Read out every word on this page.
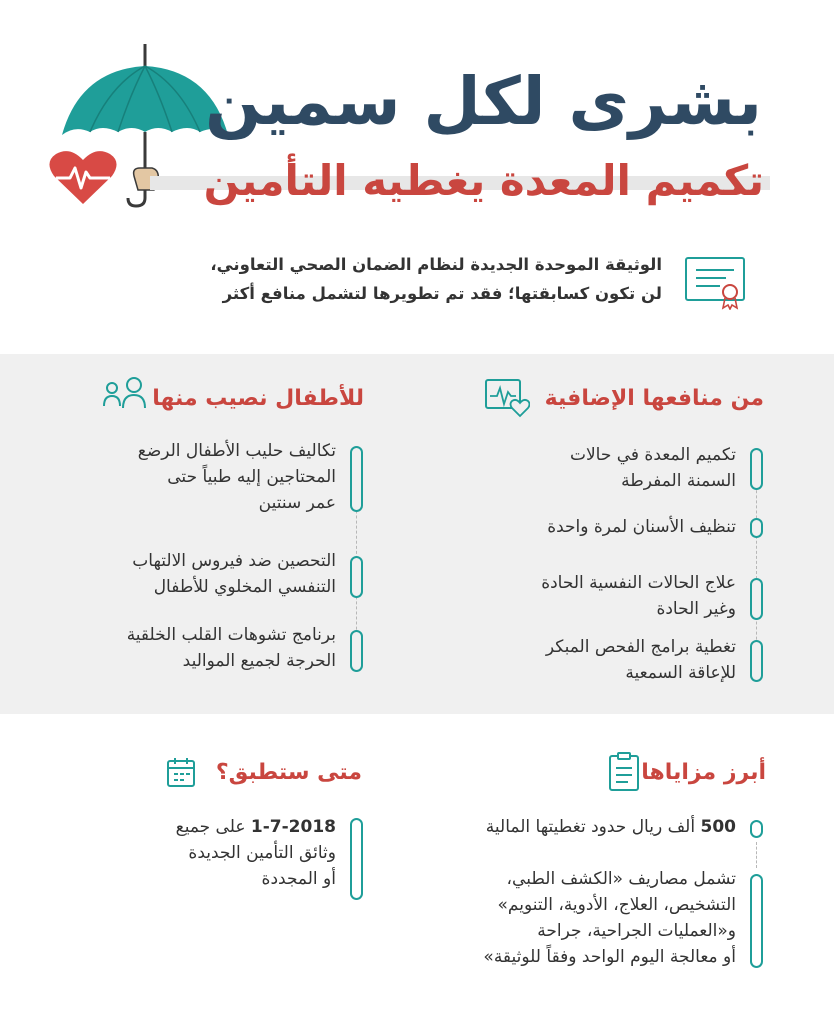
بشرى لكل سمين
تكميم المعدة يغطيه التأمين
الوثيقة الموحدة الجديدة لنظام الضمان الصحي التعاوني،
لن تكون كسابقتها؛ فقد تم تطويرها لتشمل منافع أكثر
من منافعها الإضافية
تكميم المعدة في حالات
السمنة المفرطة
تنظيف الأسنان لمرة واحدة
علاج الحالات النفسية الحادة
وغير الحادة
تغطية برامج الفحص المبكر
للإعاقة السمعية
للأطفال نصيب منها
تكاليف حليب الأطفال الرضع
المحتاجين إليه طبياً حتى
عمر سنتين
التحصين ضد فيروس الالتهاب
التنفسي المخلوي للأطفال
برنامج تشوهات القلب الخلقية
الحرجة لجميع المواليد
أبرز مزاياها
500 ألف ريال حدود تغطيتها المالية
تشمل مصاريف «الكشف الطبي،
التشخيص، العلاج، الأدوية، التنويم»
و«العمليات الجراحية، جراحة
أو معالجة اليوم الواحد وفقاً للوثيقة»
متى ستطبق؟
1-7-2018 على جميع
وثائق التأمين الجديدة
أو المجددة
